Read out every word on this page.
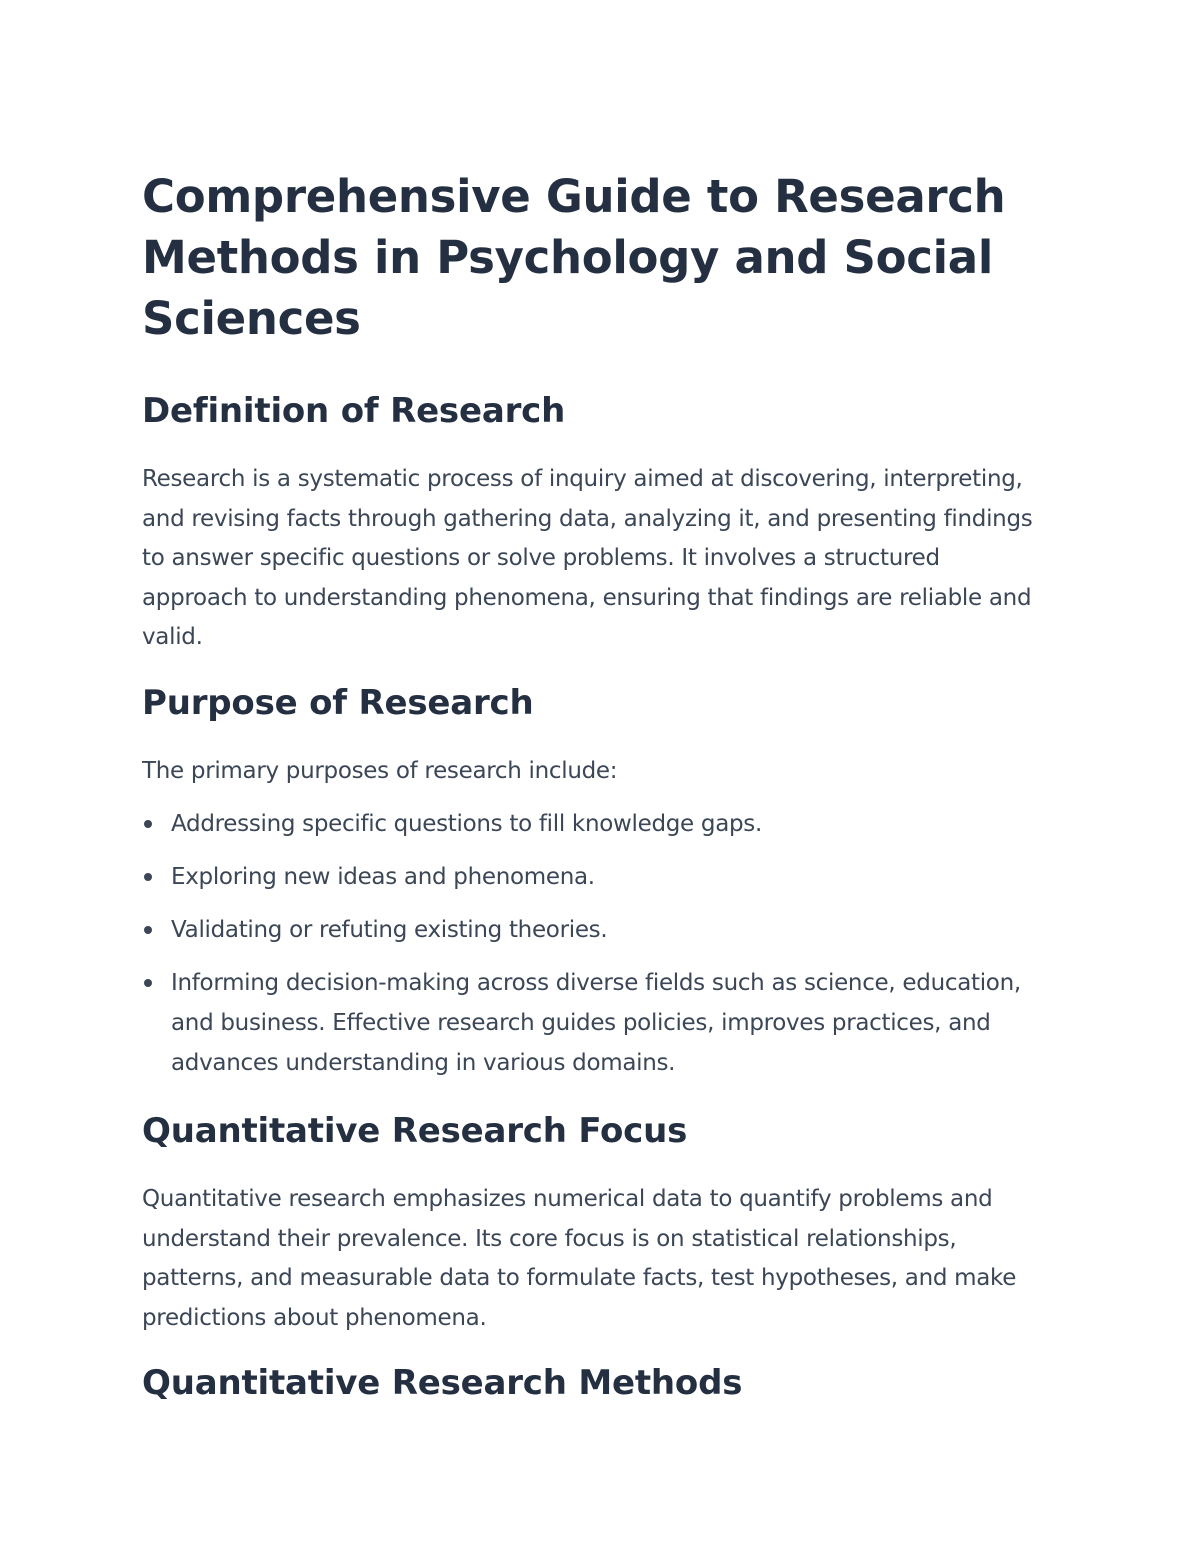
Comprehensive Guide to Research Methods in Psychology and Social Sciences
Definition of Research

Research is a systematic process of inquiry aimed at discovering, interpreting, and revising facts through gathering data, analyzing it, and presenting findings to answer specific questions or solve problems. It involves a structured approach to understanding phenomena, ensuring that findings are reliable and valid.

Purpose of Research

The primary purposes of research include:

Addressing specific questions to fill knowledge gaps.
Exploring new ideas and phenomena.
Validating or refuting existing theories.
Informing decision-making across diverse fields such as science, education, and business. Effective research guides policies, improves practices, and advances understanding in various domains.
Quantitative Research Focus

Quantitative research emphasizes numerical data to quantify problems and understand their prevalence. Its core focus is on statistical relationships, patterns, and measurable data to formulate facts, test hypotheses, and make predictions about phenomena.

Quantitative Research Methods
